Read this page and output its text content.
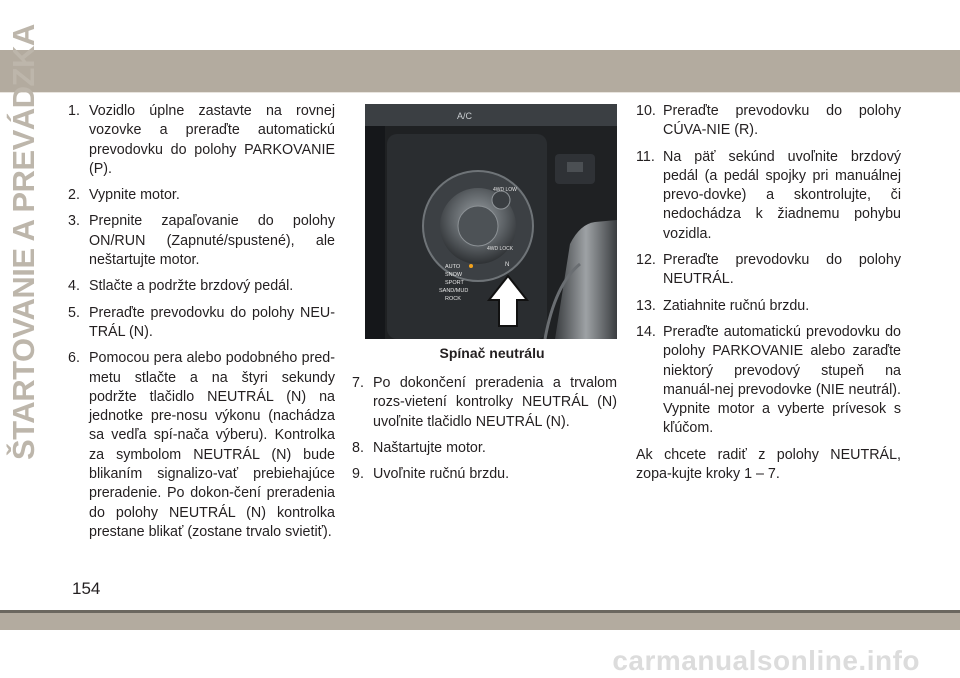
ŠTARTOVANIE A PREVÁDZKA 1. Vozidlo úplne zastavte na rovnej vozovke a preraďte automatickú prevodovku do polohy PARKOVANIE (P).
2. Vypnite motor.
3. Prepnite zapaľovanie do polohy ON/RUN (Zapnuté/spustené), ale neštartujte motor.
4. Stlačte a podržte brzdový pedál.
5. Preraďte prevodovku do polohy NEU-TRÁL (N).
6. Pomocou pera alebo podobného pred-metu stlačte a na štyri sekundy podržte tlačidlo NEUTRÁL (N) na jednotke pre-nosu výkonu (nachádza sa vedľa spí-nača výberu). Kontrolka za symbolom NEUTRÁL (N) bude blikaním signalizo-vať prebiehajúce preradenie. Po dokon-čení preradenia do polohy NEUTRÁL (N) kontrolka prestane blikať (zostane trvalo svietiť).
A/C
4WD LOW
4WD LOCK
AUTO
SNOW
SPORT
SAND/MUD
ROCK
N
Spínač neutrálu
7. Po dokončení preradenia a trvalom rozs-vietení kontrolky NEUTRÁL (N) uvoľnite tlačidlo NEUTRÁL (N).
8. Naštartujte motor.
9. Uvoľnite ručnú brzdu.
10. Preraďte prevodovku do polohy CÚVA-NIE (R).
11. Na päť sekúnd uvoľnite brzdový pedál (a pedál spojky pri manuálnej prevo-dovke) a skontrolujte, či nedochádza k žiadnemu pohybu vozidla.
12. Preraďte prevodovku do polohy NEUTRÁL.
13. Zatiahnite ručnú brzdu.
14. Preraďte automatickú prevodovku do polohy PARKOVANIE alebo zaraďte niektorý prevodový stupeň na manuál-nej prevodovke (NIE neutrál). Vypnite motor a vyberte prívesok s kľúčom.
Ak chcete radiť z polohy NEUTRÁL, zopa-kujte kroky 1 – 7.
154
carmanualsonline.info
